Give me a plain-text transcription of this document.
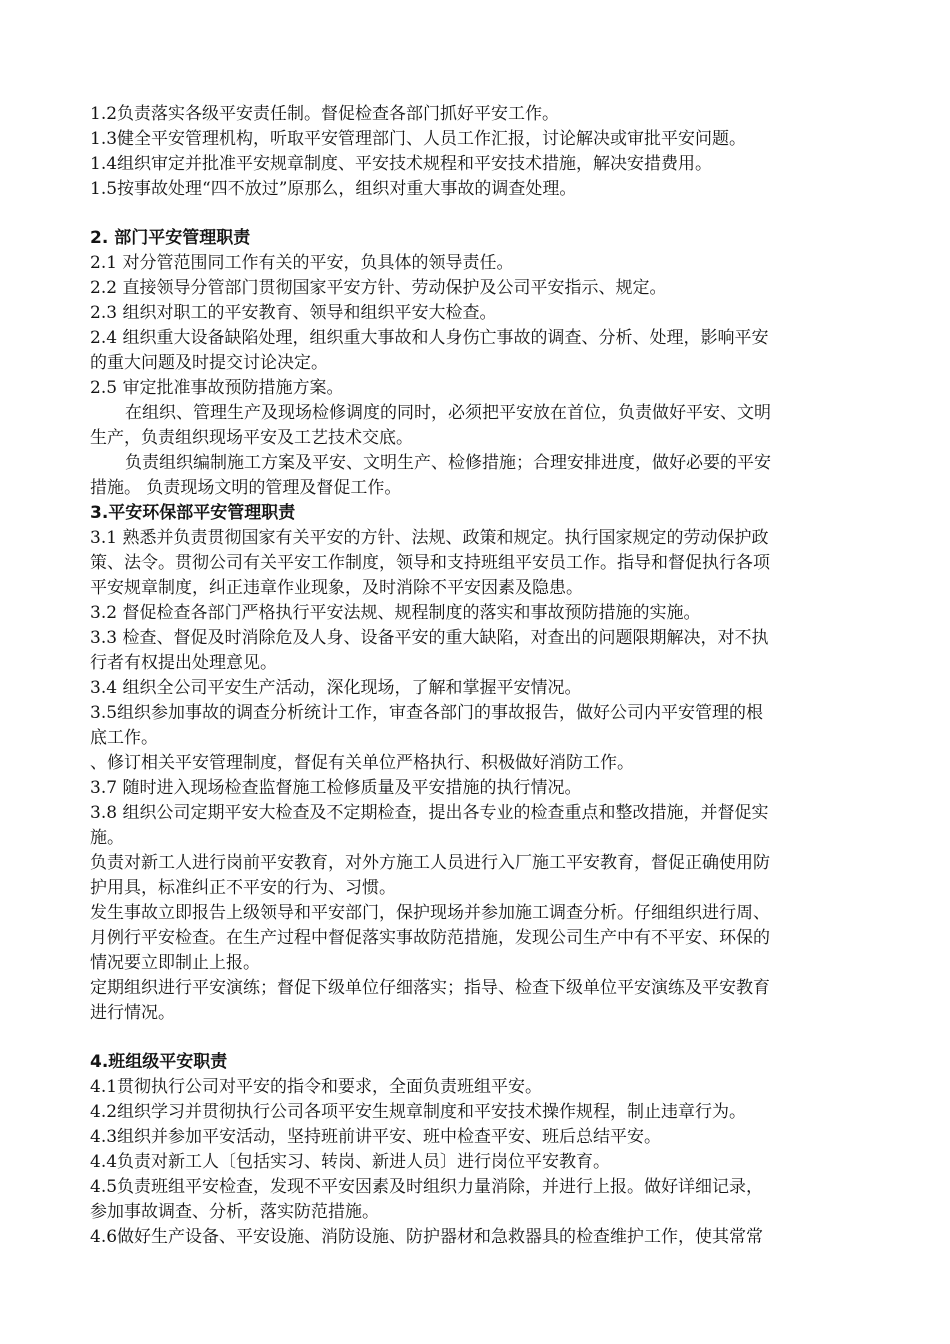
1.2负责落实各级平安责任制。督促检查各部门抓好平安工作。
1.3健全平安管理机构，听取平安管理部门、人员工作汇报，讨论解决或审批平安问题。
1.4组织审定并批准平安规章制度、平安技术规程和平安技术措施，解决安措费用。
1.5按事故处理“四不放过”原那么，组织对重大事故的调查处理。
2. 部门平安管理职责
2.1 对分管范围同工作有关的平安，负具体的领导责任。
2.2 直接领导分管部门贯彻国家平安方针、劳动保护及公司平安指示、规定。
2.3 组织对职工的平安教育、领导和组织平安大检查。
2.4 组织重大设备缺陷处理，组织重大事故和人身伤亡事故的调查、分析、处理，影响平安
的重大问题及时提交讨论决定。
2.5 审定批准事故预防措施方案。
在组织、管理生产及现场检修调度的同时，必须把平安放在首位，负责做好平安、文明
生产，负责组织现场平安及工艺技术交底。
负责组织编制施工方案及平安、文明生产、检修措施；合理安排进度，做好必要的平安
措施。 负责现场文明的管理及督促工作。
3.平安环保部平安管理职责
3.1 熟悉并负责贯彻国家有关平安的方针、法规、政策和规定。执行国家规定的劳动保护政
策、法令。贯彻公司有关平安工作制度，领导和支持班组平安员工作。指导和督促执行各项
平安规章制度，纠正违章作业现象，及时消除不平安因素及隐患。
3.2 督促检查各部门严格执行平安法规、规程制度的落实和事故预防措施的实施。
3.3 检查、督促及时消除危及人身、设备平安的重大缺陷，对查出的问题限期解决，对不执
行者有权提出处理意见。
3.4 组织全公司平安生产活动，深化现场，了解和掌握平安情况。
3.5组织参加事故的调查分析统计工作，审查各部门的事故报告，做好公司内平安管理的根
底工作。
、修订相关平安管理制度，督促有关单位严格执行、积极做好消防工作。
3.7 随时进入现场检查监督施工检修质量及平安措施的执行情况。
3.8 组织公司定期平安大检查及不定期检查，提出各专业的检查重点和整改措施，并督促实
施。
负责对新工人进行岗前平安教育，对外方施工人员进行入厂施工平安教育，督促正确使用防
护用具，标准纠正不平安的行为、习惯。
发生事故立即报告上级领导和平安部门，保护现场并参加施工调查分析。仔细组织进行周、
月例行平安检查。在生产过程中督促落实事故防范措施，发现公司生产中有不平安、环保的
情况要立即制止上报。
定期组织进行平安演练；督促下级单位仔细落实；指导、检查下级单位平安演练及平安教育
进行情况。
4.班组级平安职责
4.1贯彻执行公司对平安的指令和要求，全面负责班组平安。
4.2组织学习并贯彻执行公司各项平安生规章制度和平安技术操作规程，制止违章行为。
4.3组织并参加平安活动，坚持班前讲平安、班中检查平安、班后总结平安。
4.4负责对新工人〔包括实习、转岗、新进人员〕进行岗位平安教育。
4.5负责班组平安检查，发现不平安因素及时组织力量消除，并进行上报。做好详细记录，
参加事故调查、分析，落实防范措施。
4.6做好生产设备、平安设施、消防设施、防护器材和急救器具的检查维护工作，使其常常
